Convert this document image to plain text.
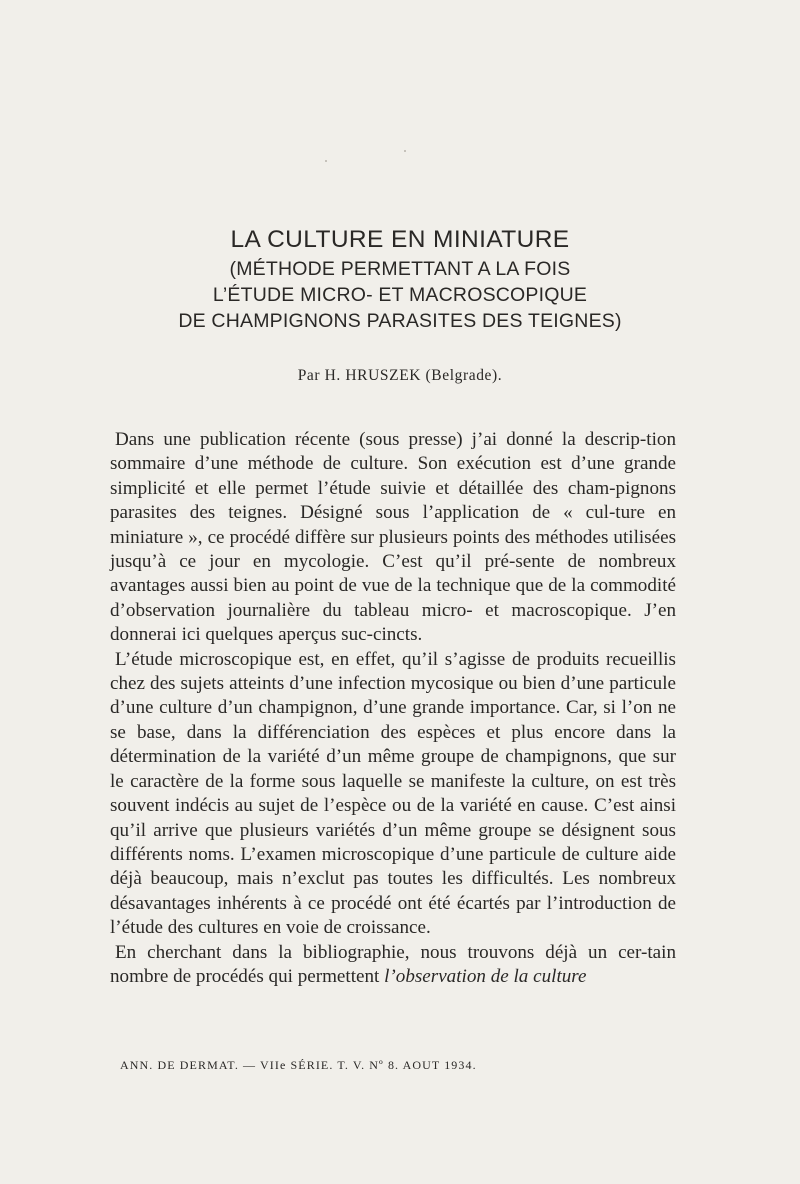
LA CULTURE EN MINIATURE
(MÉTHODE PERMETTANT A LA FOIS
L’ÉTUDE MICRO- ET MACROSCOPIQUE
DE CHAMPIGNONS PARASITES DES TEIGNES)
Par H. HRUSZEK (Belgrade).

Dans une publication récente (sous presse) j’ai donné la descrip-tion sommaire d’une méthode de culture. Son exécution est d’une grande simplicité et elle permet l’étude suivie et détaillée des cham-pignons parasites des teignes. Désigné sous l’application de « cul-ture en miniature », ce procédé diffère sur plusieurs points des méthodes utilisées jusqu’à ce jour en mycologie. C’est qu’il pré-sente de nombreux avantages aussi bien au point de vue de la technique que de la commodité d’observation journalière du tableau micro- et macroscopique. J’en donnerai ici quelques aperçus suc-cincts.

L’étude microscopique est, en effet, qu’il s’agisse de produits recueillis chez des sujets atteints d’une infection mycosique ou bien d’une particule d’une culture d’un champignon, d’une grande importance. Car, si l’on ne se base, dans la différenciation des espèces et plus encore dans la détermination de la variété d’un même groupe de champignons, que sur le caractère de la forme sous laquelle se manifeste la culture, on est très souvent indécis au sujet de l’espèce ou de la variété en cause. C’est ainsi qu’il arrive que plusieurs variétés d’un même groupe se désignent sous différents noms. L’examen microscopique d’une particule de culture aide déjà beaucoup, mais n’exclut pas toutes les difficultés. Les nombreux désavantages inhérents à ce procédé ont été écartés par l’introduction de l’étude des cultures en voie de croissance.

En cherchant dans la bibliographie, nous trouvons déjà un cer-tain nombre de procédés qui permettent l’observation de la culture

ANN. DE DERMAT. — VIIe SÉRIE. T. V. Nº 8. AOUT 1934.
